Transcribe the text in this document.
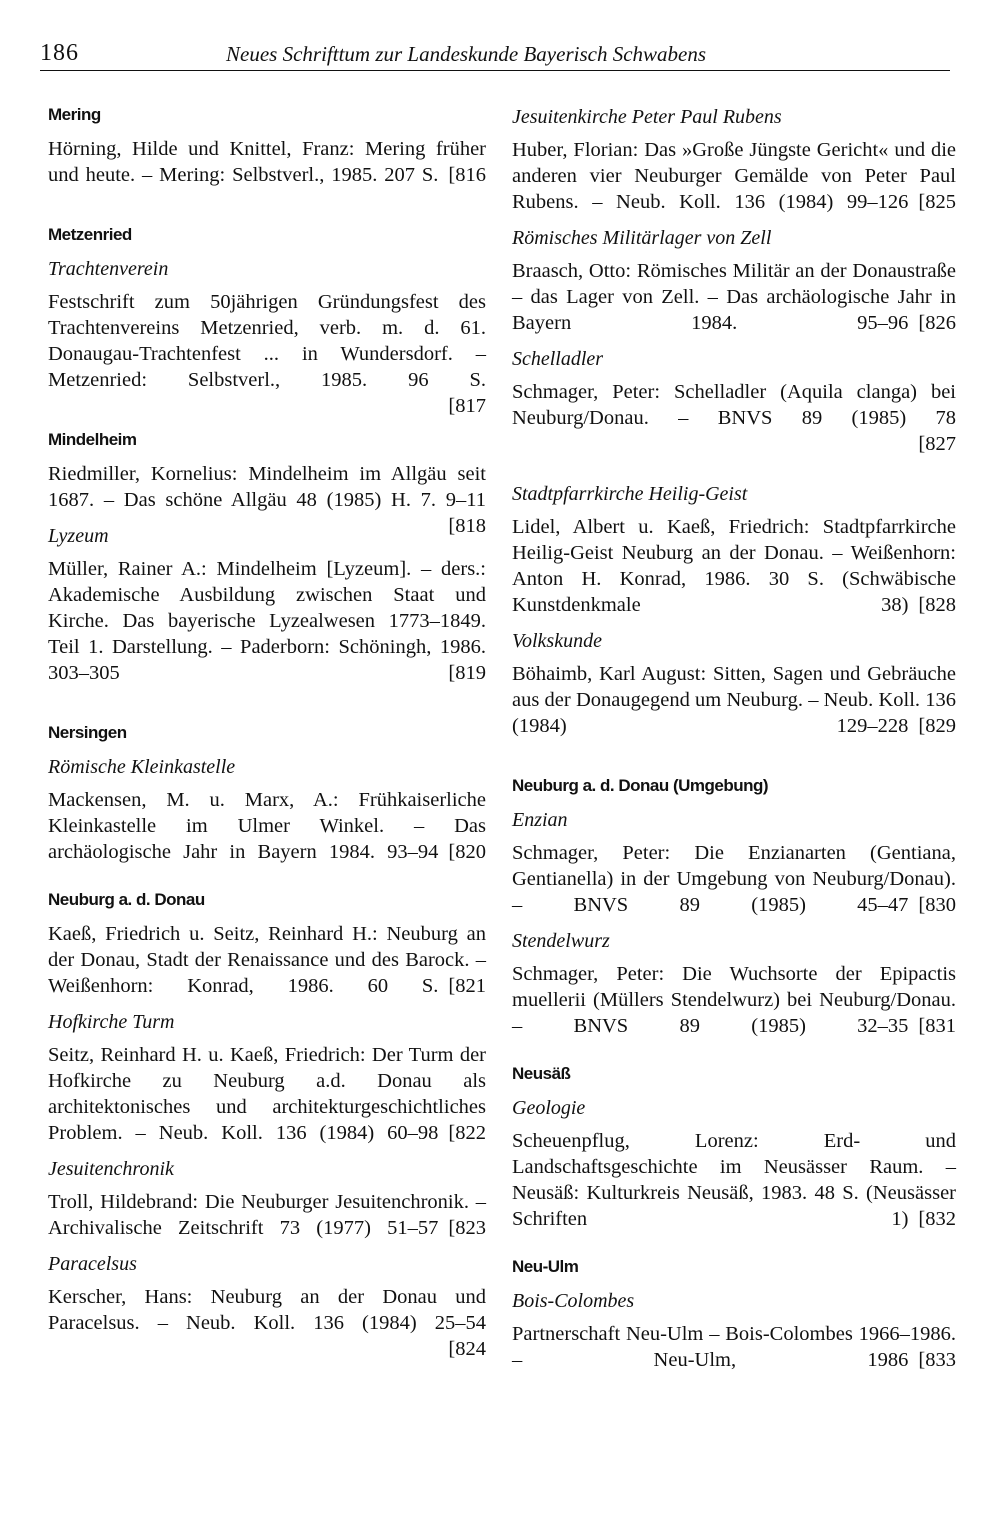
186	Neues Schrifttum zur Landeskunde Bayerisch Schwabens
Mering

Hörning, Hilde und Knittel, Franz: Mering früher und heute. – Mering: Selbstverl., 1985. 207 S. [816

Metzenried
Trachtenverein

Festschrift zum 50jährigen Gründungsfest des Trachtenvereins Metzenried, verb. m. d. 61. Donaugau-Trachtenfest ... in Wundersdorf. – Metzenried: Selbstverl., 1985. 96 S.
[817

Mindelheim

Riedmiller, Kornelius: Mindelheim im Allgäu seit 1687. – Das schöne Allgäu 48 (1985) H. 7. 9–11
[818

Lyzeum

Müller, Rainer A.: Mindelheim [Lyzeum]. – ders.: Akademische Ausbildung zwischen Staat und Kirche. Das bayerische Lyzealwesen 1773–1849. Teil 1. Darstellung. – Paderborn: Schöningh, 1986. 303–305	[819

Nersingen
Römische Kleinkastelle

Mackensen, M. u. Marx, A.: Frühkaiserliche Kleinkastelle im Ulmer Winkel. – Das archäologische Jahr in Bayern 1984. 93–94 [820

Neuburg a. d. Donau

Kaeß, Friedrich u. Seitz, Reinhard H.: Neuburg an der Donau, Stadt der Renaissance und des Barock. – Weißenhorn: Konrad, 1986. 60 S. [821

Hofkirche Turm

Seitz, Reinhard H. u. Kaeß, Friedrich: Der Turm der Hofkirche zu Neuburg a.d. Donau als architektonisches und architekturgeschichtliches Problem. – Neub. Koll. 136 (1984) 60–98 [822

Jesuitenchronik

Troll, Hildebrand: Die Neuburger Jesuitenchronik. – Archivalische Zeitschrift 73 (1977) 51–57 [823

Paracelsus

Kerscher, Hans: Neuburg an der Donau und Paracelsus. – Neub. Koll. 136 (1984) 25–54
[824

Jesuitenkirche Peter Paul Rubens

Huber, Florian: Das »Große Jüngste Gericht« und die anderen vier Neuburger Gemälde von Peter Paul Rubens. – Neub. Koll. 136 (1984) 99–126 [825

Römisches Militärlager von Zell

Braasch, Otto: Römisches Militär an der Donaustraße – das Lager von Zell. – Das archäologische Jahr in Bayern 1984. 95–96 [826

Schelladler

Schmager, Peter: Schelladler (Aquila clanga) bei Neuburg/Donau. – BNVS 89 (1985) 78
[827

Stadtpfarrkirche Heilig-Geist

Lidel, Albert u. Kaeß, Friedrich: Stadtpfarrkirche Heilig-Geist Neuburg an der Donau. – Weißenhorn: Anton H. Konrad, 1986. 30 S. (Schwäbische Kunstdenkmale 38) [828

Volkskunde

Böhaimb, Karl August: Sitten, Sagen und Gebräuche aus der Donaugegend um Neuburg. – Neub. Koll. 136 (1984) 129–228 [829

Neuburg a. d. Donau (Umgebung)
Enzian

Schmager, Peter: Die Enzianarten (Gentiana, Gentianella) in der Umgebung von Neuburg/Donau). – BNVS 89 (1985) 45–47 [830

Stendelwurz

Schmager, Peter: Die Wuchsorte der Epipactis muellerii (Müllers Stendelwurz) bei Neuburg/Donau. – BNVS 89 (1985) 32–35 [831

Neusäß
Geologie

Scheuenpflug, Lorenz: Erd- und Landschaftsgeschichte im Neusässer Raum. – Neusäß: Kulturkreis Neusäß, 1983. 48 S. (Neusässer Schriften 1) [832

Neu-Ulm
Bois-Colombes

Partnerschaft Neu-Ulm – Bois-Colombes 1966–1986. – Neu-Ulm, 1986 [833
